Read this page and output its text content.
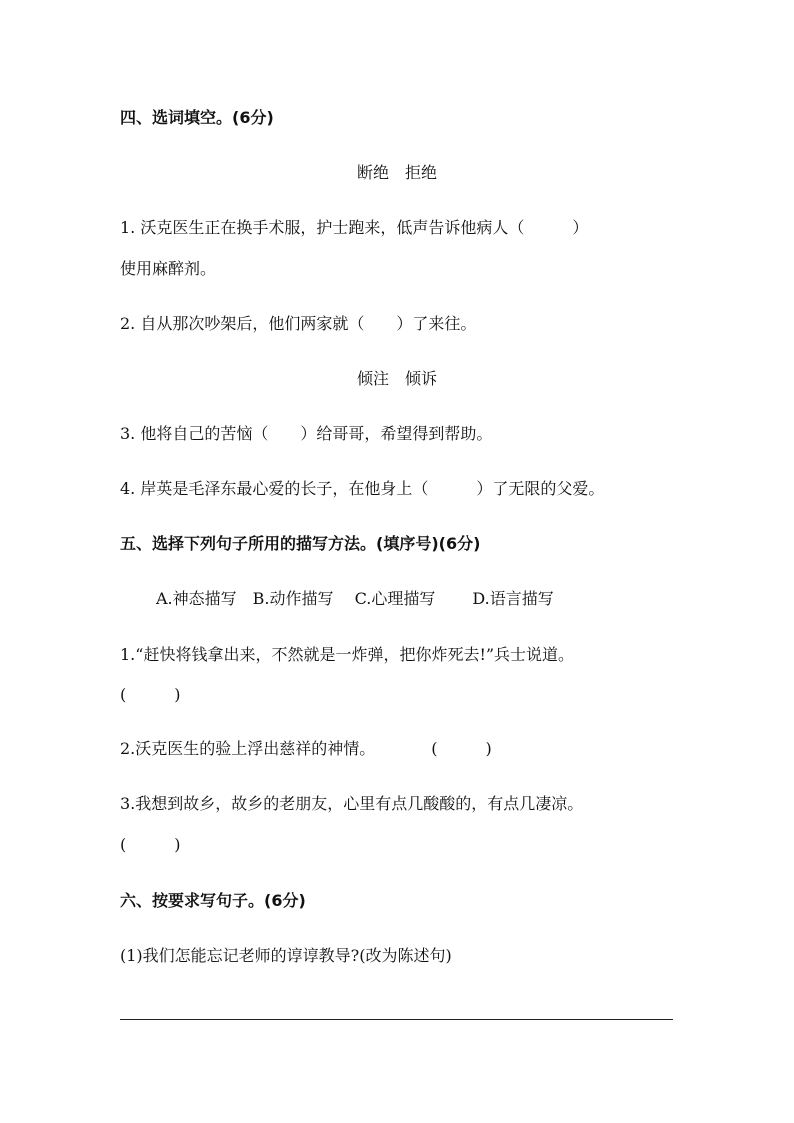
四、选词填空。(6分)
断绝　拒绝
1. 沃克医生正在换手术服，护士跑来，低声告诉他病人（　　　）
使用麻醉剂。
2. 自从那次吵架后，他们两家就（　　）了来往。
倾注　倾诉
3. 他将自己的苦恼（　　）给哥哥，希望得到帮助。
4. 岸英是毛泽东最心爱的长子，在他身上（　　　）了无限的父爱。
五、选择下列句子所用的描写方法。(填序号)(6分)
A.神态描写　B.动作描写　 C.心理描写　　 D.语言描写
1.“赶快将钱拿出来，不然就是一炸弹，把你炸死去!”兵士说道。
(　　　)
2.沃克医生的验上浮出慈祥的神情。　　　　(　　　)
3.我想到故乡，故乡的老朋友，心里有点几酸酸的，有点几凄凉。
(　　　)
六、按要求写句子。(6分)
(1)我们怎能忘记老师的谆谆教导?(改为陈述句)
